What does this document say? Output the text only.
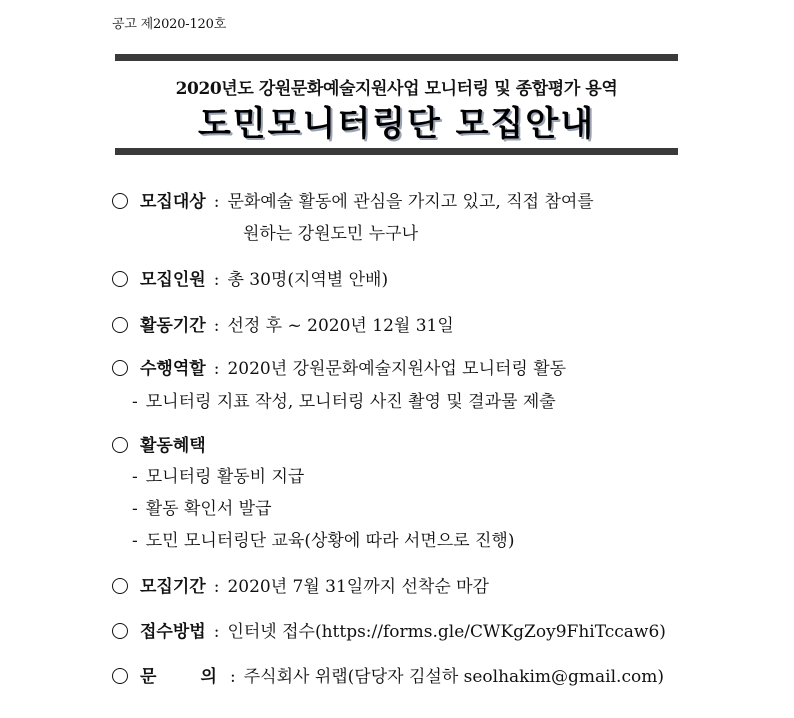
공고 제2020-120호
2020년도 강원문화예술지원사업 모니터링 및 종합평가 용역
도민모니터링단 모집안내
모집대상 : 문화예술 활동에 관심을 가지고 있고, 직접 참여를
원하는 강원도민 누구나
모집인원 : 총 30명(지역별 안배)
활동기간 : 선정 후 ~ 2020년 12월 31일
수행역할 : 2020년 강원문화예술지원사업 모니터링 활동
- 모니터링 지표 작성, 모니터링 사진 촬영 및 결과물 제출
활동혜택
- 모니터링 활동비 지급
- 활동 확인서 발급
- 도민 모니터링단 교육(상황에 따라 서면으로 진행)
모집기간 : 2020년 7월 31일까지 선착순 마감
접수방법 : 인터넷 접수(https://forms.gle/CWKgZoy9FhiTccaw6)
문	의 : 주식회사 위랩(담당자 김설하 seolhakim@gmail.com)
